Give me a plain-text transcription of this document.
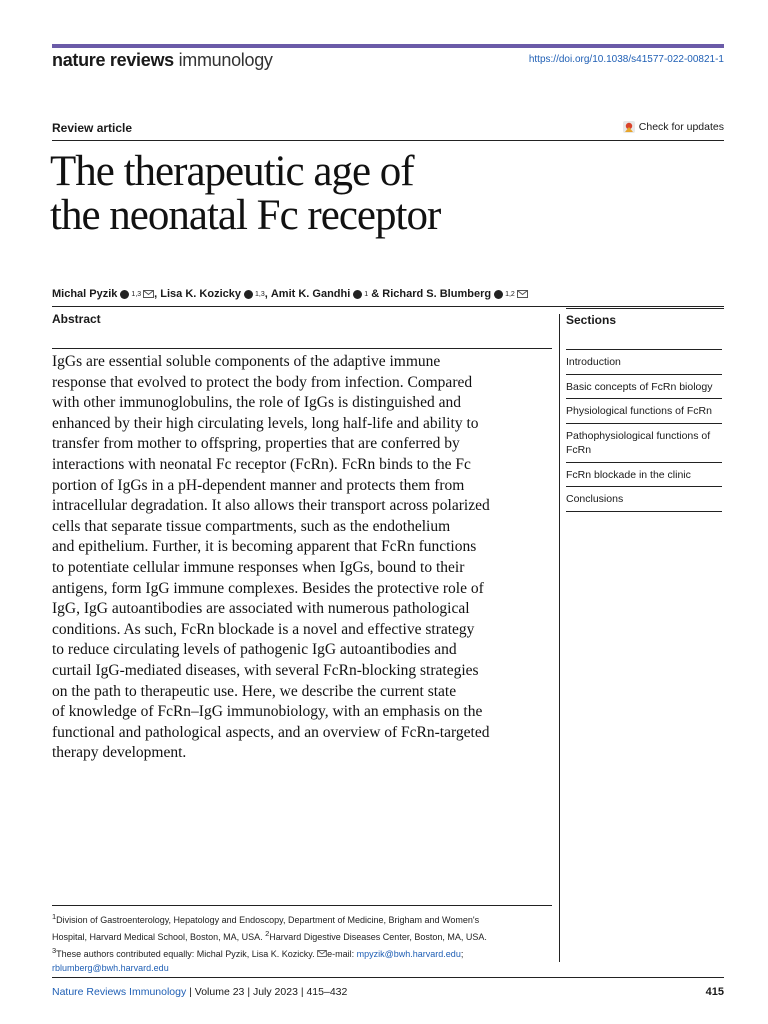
nature reviews immunology	https://doi.org/10.1038/s41577-022-00821-1
Review article	Check for updates
The therapeutic age of
the neonatal Fc receptor
Michal Pyzik 1,3 , Lisa K. Kozicky 1,3 , Amit K. Gandhi 1 & Richard S. Blumberg 1,2
Abstract
IgGs are essential soluble components of the adaptive immune
response that evolved to protect the body from infection. Compared
with other immunoglobulins, the role of IgGs is distinguished and
enhanced by their high circulating levels, long half-life and ability to
transfer from mother to offspring, properties that are conferred by
interactions with neonatal Fc receptor (FcRn). FcRn binds to the Fc
portion of IgGs in a pH-dependent manner and protects them from
intracellular degradation. It also allows their transport across polarized
cells that separate tissue compartments, such as the endothelium
and epithelium. Further, it is becoming apparent that FcRn functions
to potentiate cellular immune responses when IgGs, bound to their
antigens, form IgG immune complexes. Besides the protective role of
IgG, IgG autoantibodies are associated with numerous pathological
conditions. As such, FcRn blockade is a novel and effective strategy
to reduce circulating levels of pathogenic IgG autoantibodies and
curtail IgG-mediated diseases, with several FcRn-blocking strategies
on the path to therapeutic use. Here, we describe the current state
of knowledge of FcRn–IgG immunobiology, with an emphasis on the
functional and pathological aspects, and an overview of FcRn-targeted
therapy development.
Sections
Introduction
Basic concepts of FcRn biology
Physiological functions of FcRn
Pathophysiological functions of FcRn
FcRn blockade in the clinic
Conclusions
$^1$Division of Gastroenterology, Hepatology and Endoscopy, Department of Medicine, Brigham and Women's
Hospital, Harvard Medical School, Boston, MA, USA. $^2$Harvard Digestive Diseases Center, Boston, MA, USA.
$^3$These authors contributed equally: Michal Pyzik, Lisa K. Kozicky. e-mail: mpyzik@bwh.harvard.edu;
rblumberg@bwh.harvard.edu
Nature Reviews Immunology | Volume 23 | July 2023 | 415–432	415
